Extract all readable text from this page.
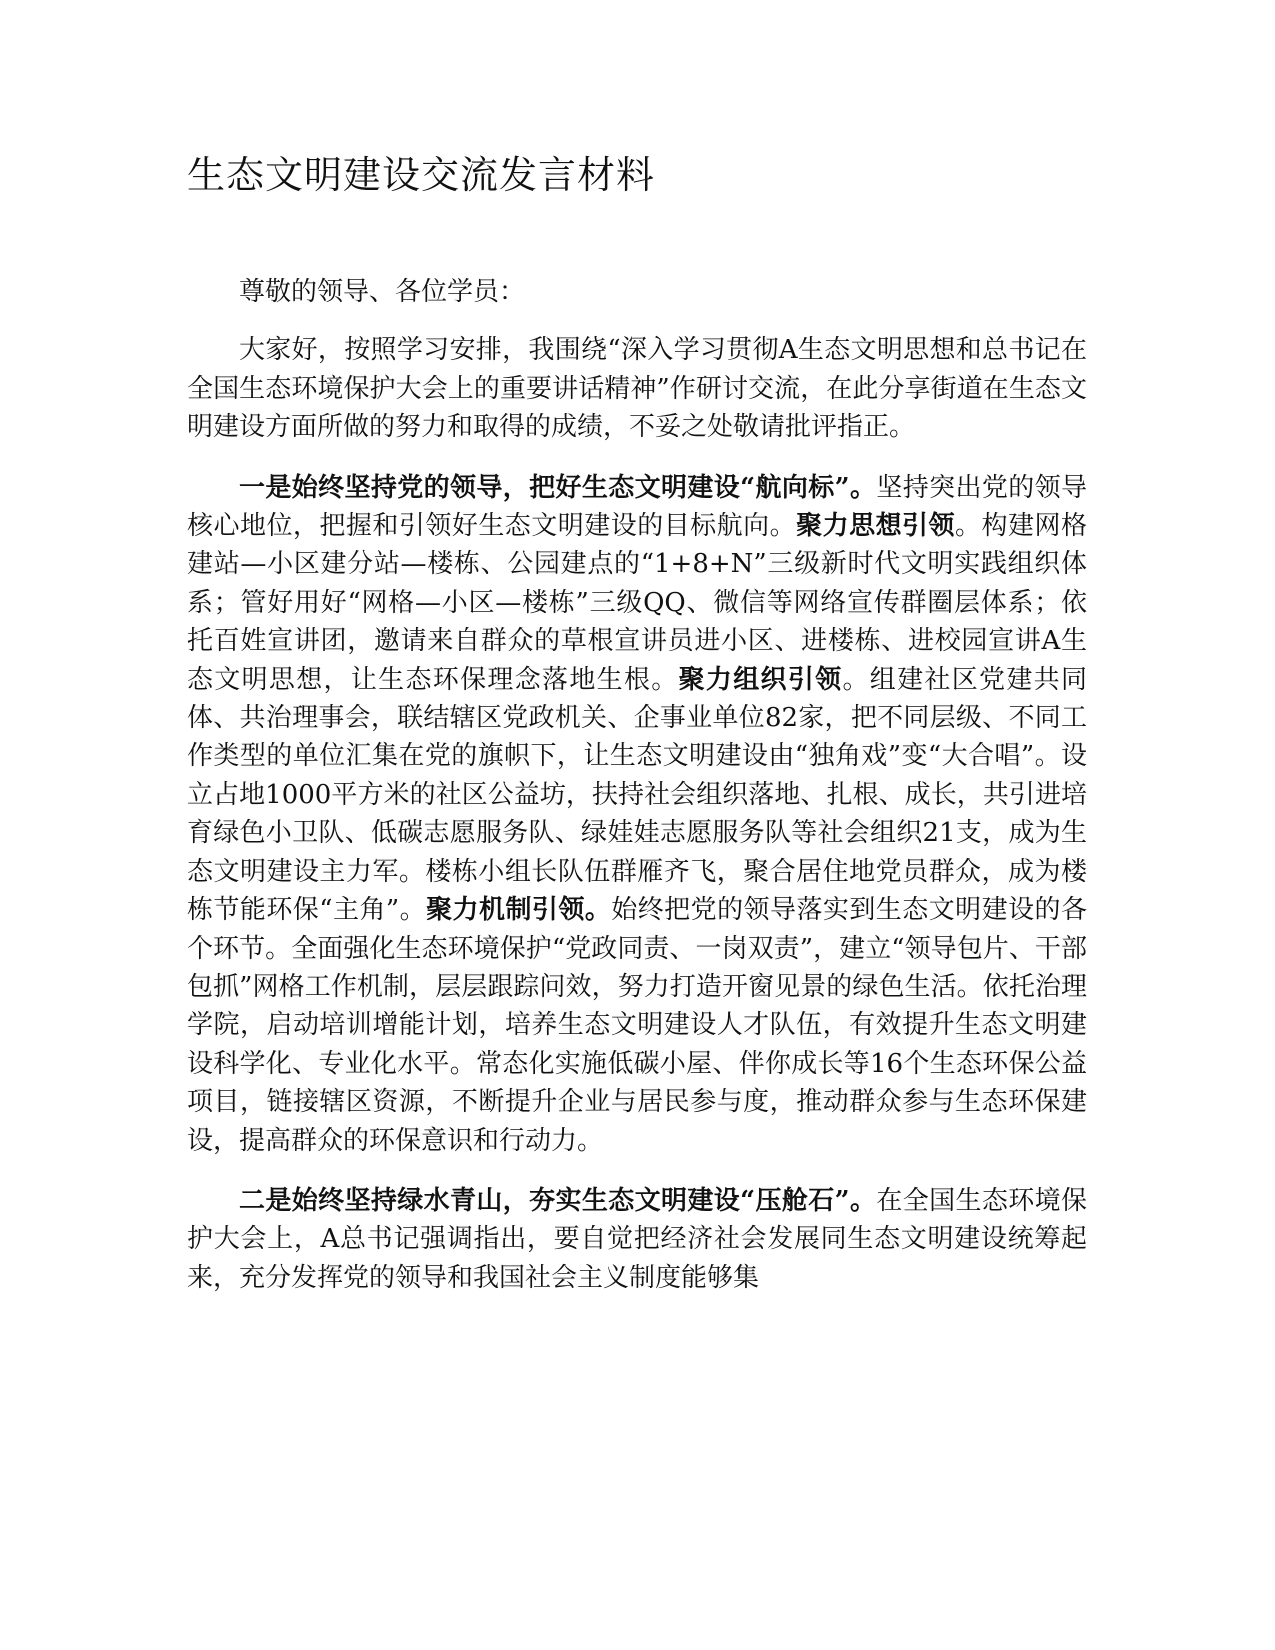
生态文明建设交流发言材料

尊敬的领导、各位学员：

大家好，按照学习安排，我围绕“深入学习贯彻A生态文明思想和总书记在全国生态环境保护大会上的重要讲话精神”作研讨交流，在此分享街道在生态文明建设方面所做的努力和取得的成绩，不妥之处敬请批评指正。

一是始终坚持党的领导，把好生态文明建设“航向标”。坚持突出党的领导核心地位，把握和引领好生态文明建设的目标航向。聚力思想引领。构建网格建站—小区建分站—楼栋、公园建点的“1+8+N”三级新时代文明实践组织体系；管好用好“网格—小区—楼栋”三级QQ、微信等网络宣传群圈层体系；依托百姓宣讲团，邀请来自群众的草根宣讲员进小区、进楼栋、进校园宣讲A生态文明思想，让生态环保理念落地生根。聚力组织引领。组建社区党建共同体、共治理事会，联结辖区党政机关、企事业单位82家，把不同层级、不同工作类型的单位汇集在党的旗帜下，让生态文明建设由“独角戏”变“大合唱”。设立占地1000平方米的社区公益坊，扶持社会组织落地、扎根、成长，共引进培育绿色小卫队、低碳志愿服务队、绿娃娃志愿服务队等社会组织21支，成为生态文明建设主力军。楼栋小组长队伍群雁齐飞，聚合居住地党员群众，成为楼栋节能环保“主角”。聚力机制引领。始终把党的领导落实到生态文明建设的各个环节。全面强化生态环境保护“党政同责、一岗双责”，建立“领导包片、干部包抓”网格工作机制，层层跟踪问效，努力打造开窗见景的绿色生活。依托治理学院，启动培训增能计划，培养生态文明建设人才队伍，有效提升生态文明建设科学化、专业化水平。常态化实施低碳小屋、伴你成长等16个生态环保公益项目，链接辖区资源，不断提升企业与居民参与度，推动群众参与生态环保建设，提高群众的环保意识和行动力。

二是始终坚持绿水青山，夯实生态文明建设“压舱石”。在全国生态环境保护大会上，A总书记强调指出，要自觉把经济社会发展同生态文明建设统筹起来，充分发挥党的领导和我国社会主义制度能够集
